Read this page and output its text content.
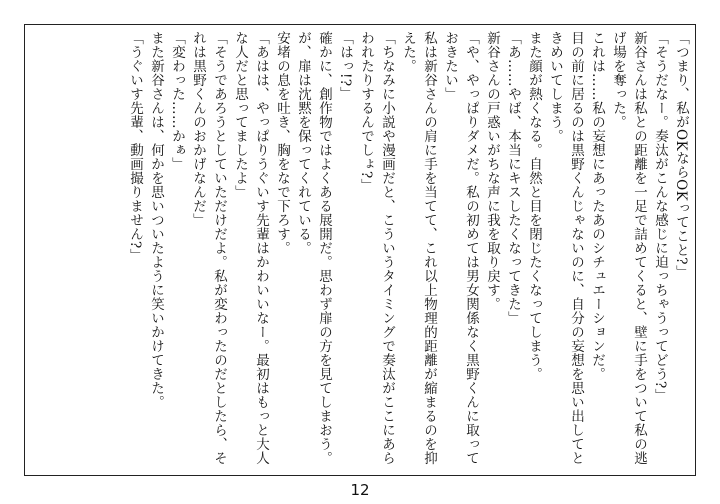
「つまり、私がOKならOKってこと?」

「そうだなー。奏汰がこんな感じに迫っちゃうってどう?」

新谷さんは私との距離を一足で詰めてくると、壁に手をついて私の逃げ場を奪った。

これは……私の妄想にあったあのシチュエーションだ。

目の前に居るのは黒野くんじゃないのに、自分の妄想を思い出してときめいてしまう。

また顔が熱くなる。自然と目を閉じたくなってしまう。

「あ……やば、本当にキスしたくなってきた」

新谷さんの戸惑いがちな声に我を取り戻す。

「や、やっぱりダメだ。私の初めては男女関係なく黒野くんに取っておきたい」

私は新谷さんの肩に手を当てて、これ以上物理的距離が縮まるのを抑えた。

「ちなみに小説や漫画だと、こういうタイミングで奏汰がここにあらわれたりするんでしょ?」

「はっ!?」

確かに、創作物ではよくある展開だ。思わず扉の方を見てしまおう。が、扉は沈黙を保ってくれている。

安堵の息を吐き、胸をなで下ろす。

「あはは、やっぱりうぐいす先輩はかわいいなー。最初はもっと大人な人だと思ってましたよ」

「そうであろうとしていただけだよ。私が変わったのだとしたら、それは黒野くんのおかげなんだ」

「変わった……かぁ」

また新谷さんは、何かを思いついたように笑いかけてきた。

「うぐいす先輩、動画撮りません?」

12
